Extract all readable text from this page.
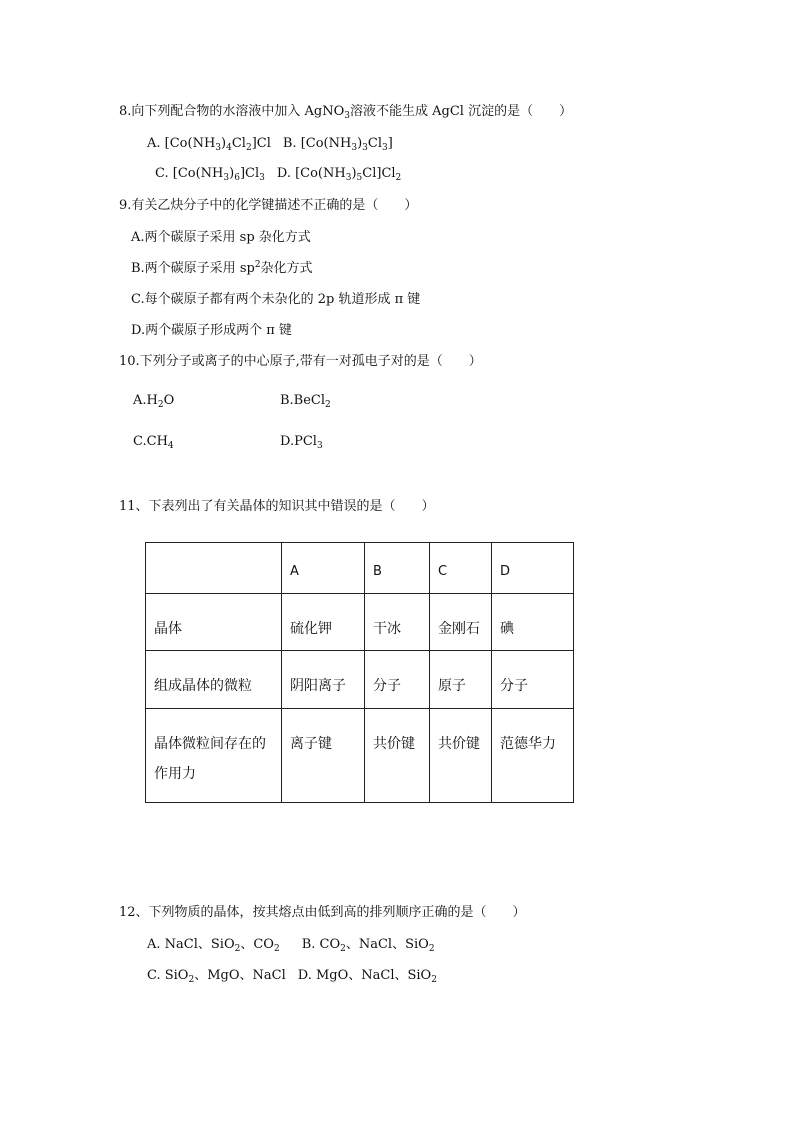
8.向下列配合物的水溶液中加入 AgNO$_3$溶液不能生成 AgCl 沉淀的是（　　）
A. $[Co(NH_3)_4Cl_2]Cl$ B. $[Co(NH_3)_3Cl_3]$
C. $[Co(NH_3)_6]Cl_3$ D. $[Co(NH_3)_5Cl]Cl_2$
9.有关乙炔分子中的化学键描述不正确的是（　　）
A.两个碳原子采用 sp 杂化方式
B.两个碳原子采用 $sp^2$杂化方式
C.每个碳原子都有两个未杂化的 2p 轨道形成 π 键
D.两个碳原子形成两个 π 键
10.下列分子或离子的中心原子,带有一对孤电子对的是（　　）
$A.H_2O$	B.BeCl$_2$
$C.CH_4$	D.PCl$_3$
11、下表列出了有关晶体的知识其中错误的是（　　）
	A	B	C	D
晶体	硫化钾	干冰	金刚石	碘
组成晶体的微粒	阴阳离子	分子	原子	分子
晶体微粒间存在的作用力	离子键	共价键	共价键	范德华力
12、下列物质的晶体，按其熔点由低到高的排列顺序正确的是（　　）
A. NaCl、SiO$_2$、$CO_2$ B. $CO_2$、NaCl、SiO$_2$
C. SiO$_2$、MgO、NaCl D. MgO、NaCl、SiO$_2$
